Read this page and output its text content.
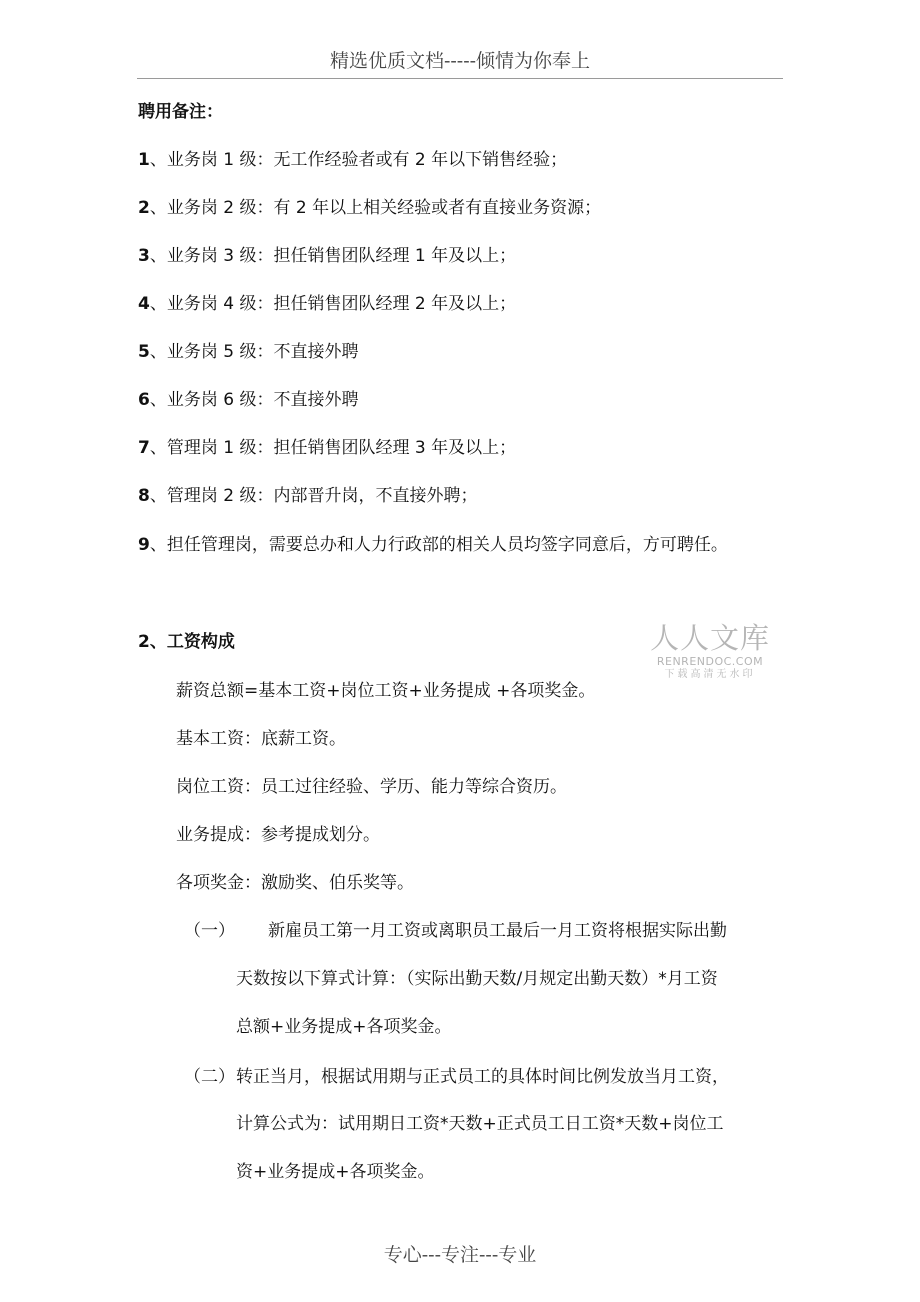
精选优质文档-----倾情为你奉上
聘用备注：
1、业务岗 1 级：无工作经验者或有 2 年以下销售经验；
2、业务岗 2 级：有 2 年以上相关经验或者有直接业务资源；
3、业务岗 3 级：担任销售团队经理 1 年及以上；
4、业务岗 4 级：担任销售团队经理 2 年及以上；
5、业务岗 5 级：不直接外聘
6、业务岗 6 级：不直接外聘
7、管理岗 1 级：担任销售团队经理 3 年及以上；
8、管理岗 2 级：内部晋升岗，不直接外聘；
9、担任管理岗，需要总办和人力行政部的相关人员均签字同意后，方可聘任。
2、工资构成	人人文库
RENRENDOC.COM
下载高清无水印
薪资总额=基本工资+岗位工资+业务提成 +各项奖金。
基本工资：底薪工资。
岗位工资：员工过往经验、学历、能力等综合资历。
业务提成：参考提成划分。
各项奖金：激励奖、伯乐奖等。
（一） 新雇员工第一月工资或离职员工最后一月工资将根据实际出勤
天数按以下算式计算：（实际出勤天数/月规定出勤天数）*月工资
总额+业务提成+各项奖金。
（二） 转正当月，根据试用期与正式员工的具体时间比例发放当月工资，
计算公式为：试用期日工资*天数+正式员工日工资*天数+岗位工
资+业务提成+各项奖金。
专心---专注---专业
